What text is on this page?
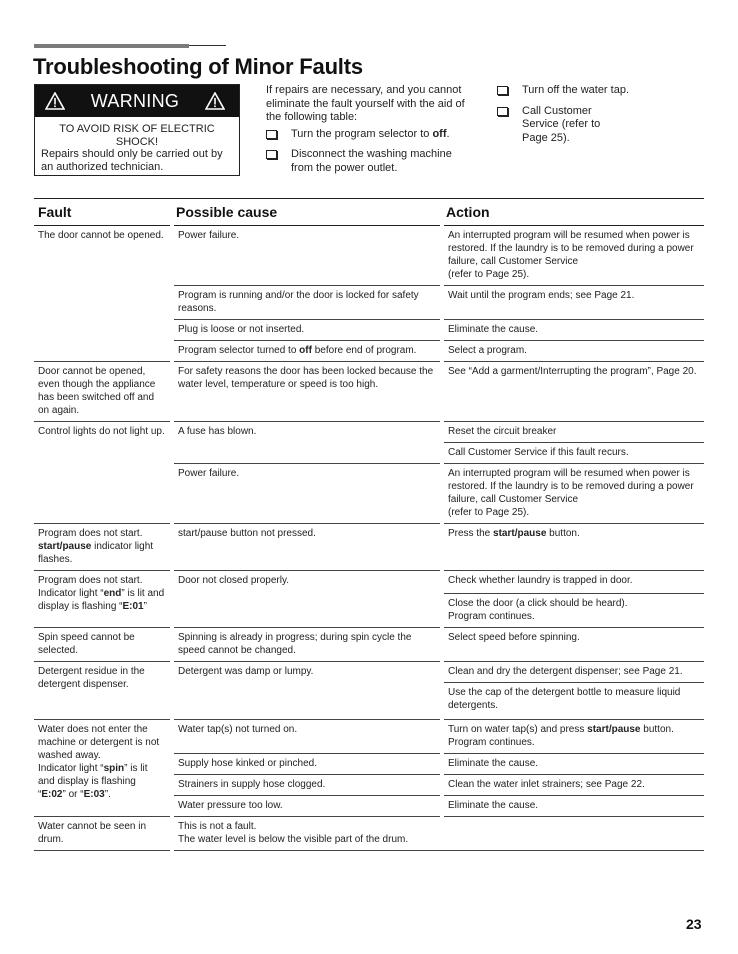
Troubleshooting of Minor Faults
WARNING
TO AVOID RISK OF ELECTRIC SHOCK!
Repairs should only be carried out by an authorized technician.
If repairs are necessary, and you cannot eliminate the fault yourself with the aid of the following table:
Turn the program selector to off.
Disconnect the washing machine from the power outlet.
Turn off the water tap.
Call Customer Service (refer to Page 25).
Fault	Possible cause	Action
The door cannot be opened.	Power failure.	An interrupted program will be resumed when power is restored. If the laundry is to be removed during a power failure, call Customer Service
(refer to Page 25).
	Program is running and/or the door is locked for safety reasons.	Wait until the program ends; see Page 21.
	Plug is loose or not inserted.	Eliminate the cause.
	Program selector turned to off before end of program.	Select a program.
Door cannot be opened, even though the appliance has been switched off and on again.	For safety reasons the door has been locked because the water level, temperature or speed is too high.	See “Add a garment/Interrupting the program”, Page 20.
Control lights do not light up.	A fuse has blown.	Reset the circuit breaker
		Call Customer Service if this fault recurs.
	Power failure.	An interrupted program will be resumed when power is restored. If the laundry is to be removed during a power failure, call Customer Service
(refer to Page 25).
Program does not start.
start/pause indicator light flashes.	start/pause button not pressed.	Press the start/pause button.
Program does not start.
Indicator light “end” is lit and display is flashing “E:01”	Door not closed properly.	Check whether laundry is trapped in door.
		Close the door (a click should be heard).
Program continues.
Spin speed cannot be selected.	Spinning is already in progress; during spin cycle the speed cannot be changed.	Select speed before spinning.
Detergent residue in the detergent dispenser.	Detergent was damp or lumpy.	Clean and dry the detergent dispenser; see Page 21.
		Use the cap of the detergent bottle to measure liquid detergents.
Water does not enter the machine or detergent is not washed away.
Indicator light “spin” is lit and display is flashing “E:02” or “E:03”.	Water tap(s) not turned on.	Turn on water tap(s) and press start/pause button.
Program continues.
	Supply hose kinked or pinched.	Eliminate the cause.
	Strainers in supply hose clogged.	Clean the water inlet strainers; see Page 22.
	Water pressure too low.	Eliminate the cause.
Water cannot be seen in drum.	This is not a fault.
The water level is below the visible part of the drum.	
23
